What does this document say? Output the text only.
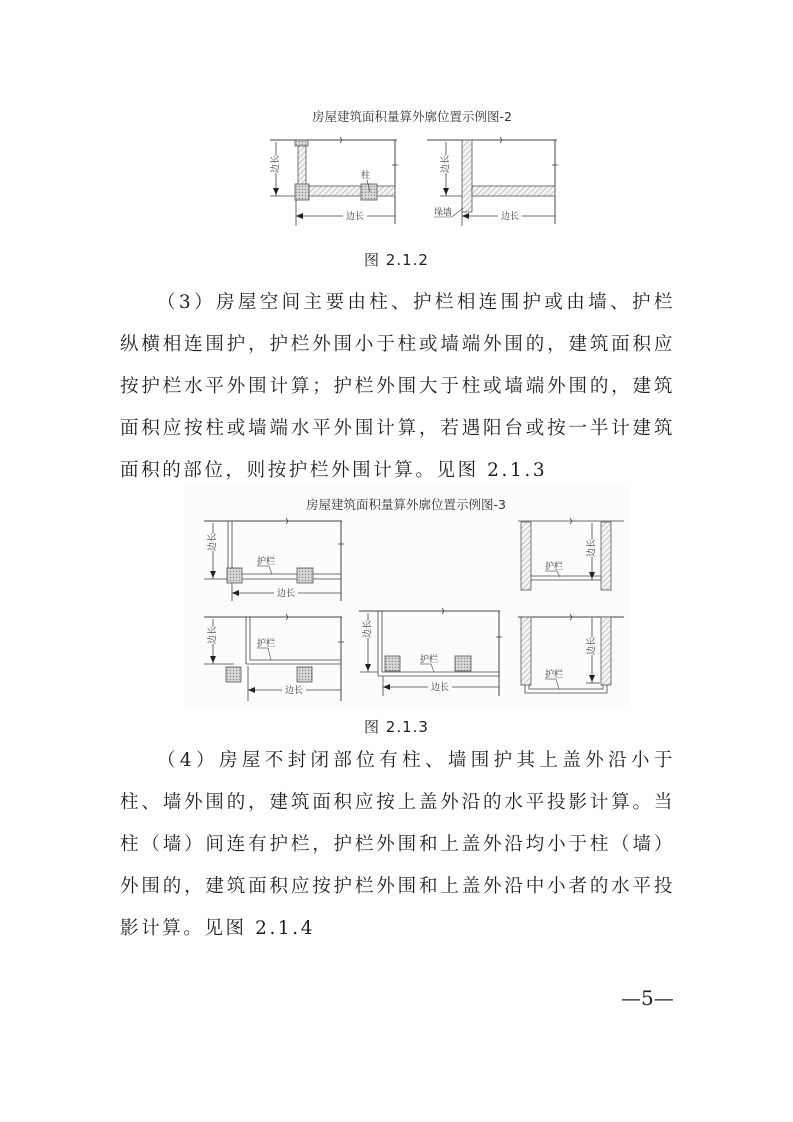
房屋建筑面积量算外廓位置示例图-2
边长
柱
边长
边长
垛墙	边长
图 2.1.2

（3）房屋空间主要由柱、护栏相连围护或由墙、护栏纵横相连围护，护栏外围小于柱或墙端外围的，建筑面积应按护栏水平外围计算；护栏外围大于柱或墙端外围的，建筑面积应按柱或墙端水平外围计算，若遇阳台或按一半计建筑面积的部位，则按护栏外围计算。见图 2.1.3

房屋建筑面积量算外廓位置示例图-3
边长
护栏
边长
边长
护栏
边长	护栏
边长
边长
护栏
边长
边长
护栏
图 2.1.3

（4）房屋不封闭部位有柱、墙围护其上盖外沿小于柱、墙外围的，建筑面积应按上盖外沿的水平投影计算。当柱（墙）间连有护栏，护栏外围和上盖外沿均小于柱（墙）外围的，建筑面积应按护栏外围和上盖外沿中小者的水平投影计算。见图 2.1.4

—5—
